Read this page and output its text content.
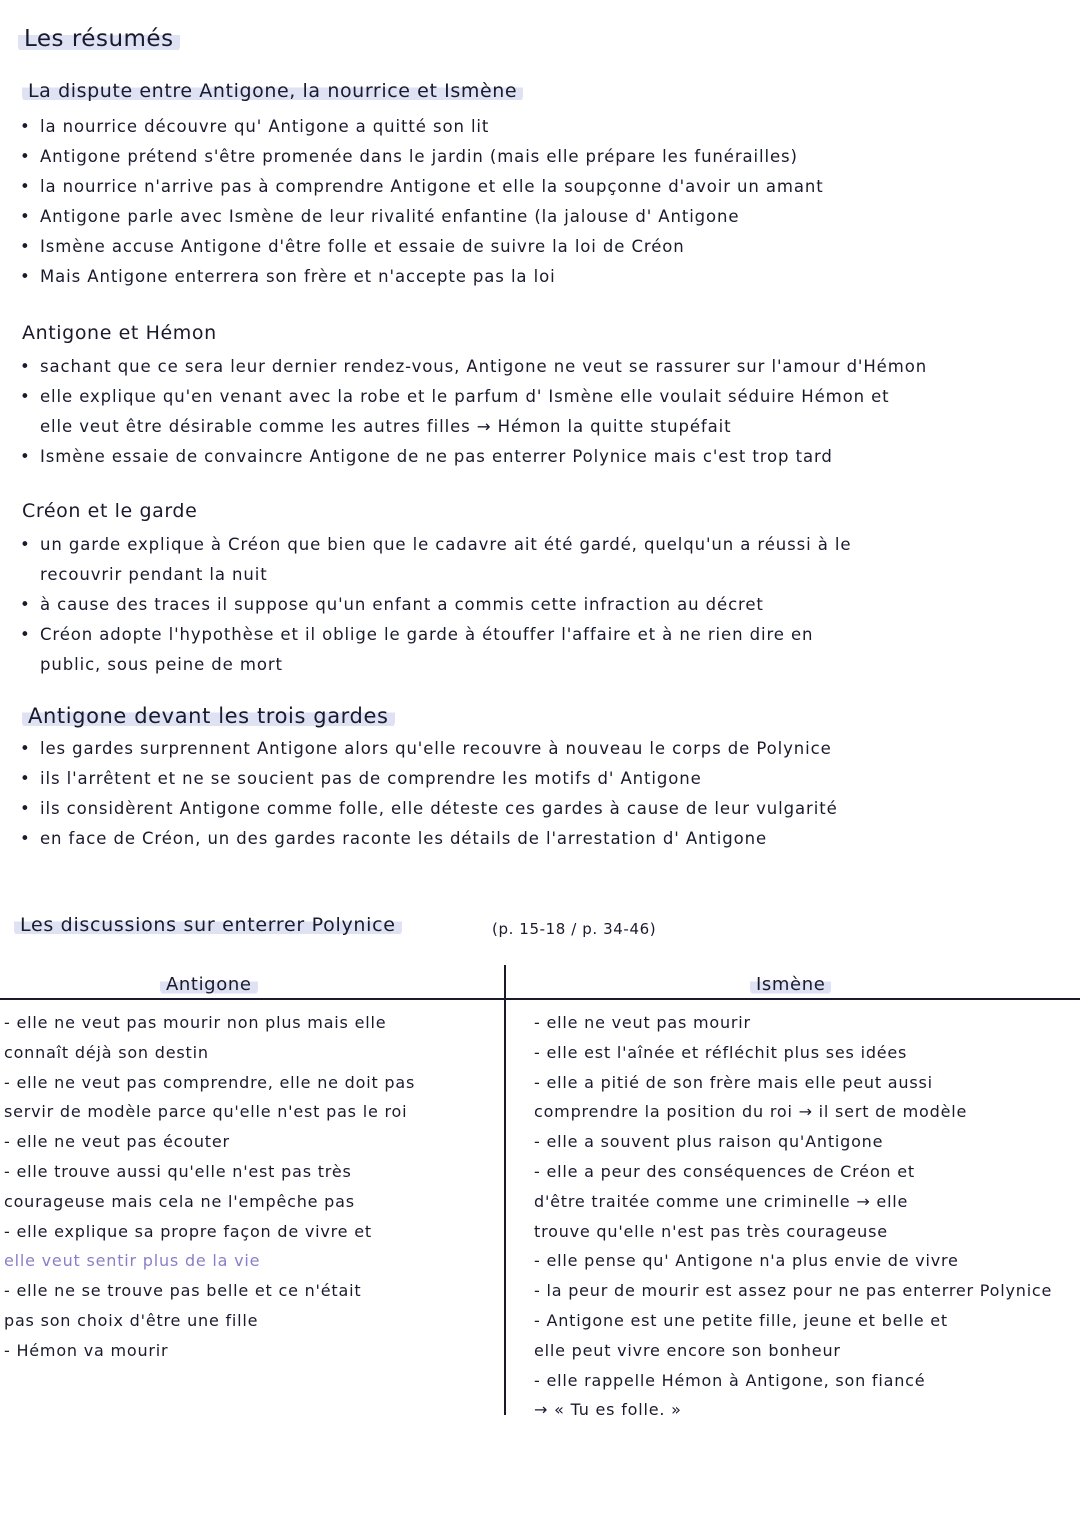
Les résumés
La dispute entre Antigone, la nourrice et Ismène
• la nourrice découvre qu' Antigone a quitté son lit
• Antigone prétend s'être promenée dans le jardin (mais elle prépare les funérailles)
• la nourrice n'arrive pas à comprendre Antigone et elle la soupçonne d'avoir un amant
• Antigone parle avec Ismène de leur rivalité enfantine (la jalouse d' Antigone
• Ismène accuse Antigone d'être folle et essaie de suivre la loi de Créon
• Mais Antigone enterrera son frère et n'accepte pas la loi
Antigone et Hémon
• sachant que ce sera leur dernier rendez-vous, Antigone ne veut se rassurer sur l'amour d'Hémon
• elle explique qu'en venant avec la robe et le parfum d' Ismène elle voulait séduire Hémon et
elle veut être désirable comme les autres filles → Hémon la quitte stupéfait
• Ismène essaie de convaincre Antigone de ne pas enterrer Polynice mais c'est trop tard
Créon et le garde
• un garde explique à Créon que bien que le cadavre ait été gardé, quelqu'un a réussi à le
recouvrir pendant la nuit
• à cause des traces il suppose qu'un enfant a commis cette infraction au décret
• Créon adopte l'hypothèse et il oblige le garde à étouffer l'affaire et à ne rien dire en
public, sous peine de mort
Antigone devant les trois gardes
• les gardes surprennent Antigone alors qu'elle recouvre à nouveau le corps de Polynice
• ils l'arrêtent et ne se soucient pas de comprendre les motifs d' Antigone
• ils considèrent Antigone comme folle, elle déteste ces gardes à cause de leur vulgarité
• en face de Créon, un des gardes raconte les détails de l'arrestation d' Antigone
Les discussions sur enterrer Polynice	(p. 15-18 / p. 34-46)
Antigone	Ismène

- elle ne veut pas mourir non plus mais elle

connaît déjà son destin

- elle ne veut pas comprendre, elle ne doit pas

servir de modèle parce qu'elle n'est pas le roi

- elle ne veut pas écouter

- elle trouve aussi qu'elle n'est pas très

courageuse mais cela ne l'empêche pas

- elle explique sa propre façon de vivre et

elle veut sentir plus de la vie

- elle ne se trouve pas belle et ce n'était

pas son choix d'être une fille

- Hémon va mourir

- elle ne veut pas mourir

- elle est l'aînée et réfléchit plus ses idées

- elle a pitié de son frère mais elle peut aussi

comprendre la position du roi → il sert de modèle

- elle a souvent plus raison qu'Antigone

- elle a peur des conséquences de Créon et

d'être traitée comme une criminelle → elle

trouve qu'elle n'est pas très courageuse

- elle pense qu' Antigone n'a plus envie de vivre

- la peur de mourir est assez pour ne pas enterrer Polynice

- Antigone est une petite fille, jeune et belle et

elle peut vivre encore son bonheur

- elle rappelle Hémon à Antigone, son fiancé

→ « Tu es folle. »
